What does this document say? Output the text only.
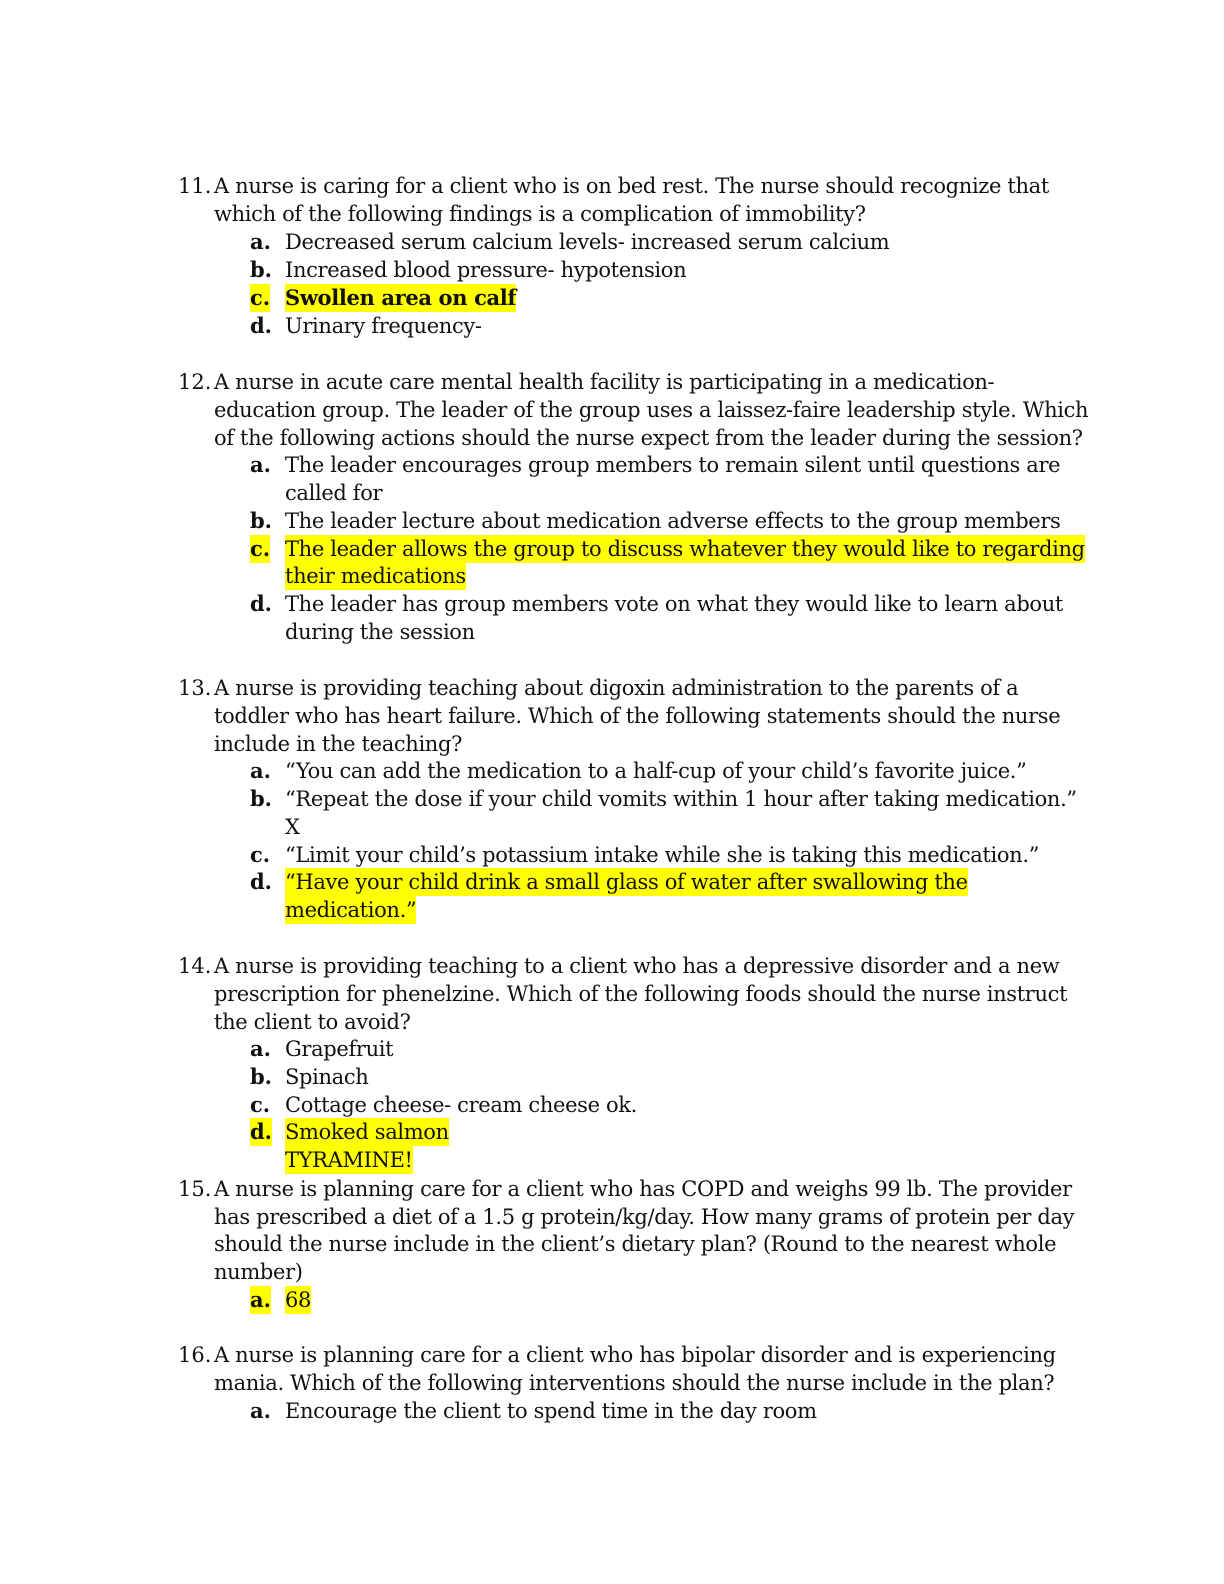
11. A nurse is caring for a client who is on bed rest. The nurse should recognize that
which of the following findings is a complication of immobility?
a. Decreased serum calcium levels- increased serum calcium
b. Increased blood pressure- hypotension
c. Swollen area on calf
d. Urinary frequency-
12. A nurse in acute care mental health facility is participating in a medication-
education group. The leader of the group uses a laissez-faire leadership style. Which
of the following actions should the nurse expect from the leader during the session?
a. The leader encourages group members to remain silent until questions are
called for
b. The leader lecture about medication adverse effects to the group members
c. The leader allows the group to discuss whatever they would like to regarding
their medications
d. The leader has group members vote on what they would like to learn about
during the session
13. A nurse is providing teaching about digoxin administration to the parents of a
toddler who has heart failure. Which of the following statements should the nurse
include in the teaching?
a. “You can add the medication to a half-cup of your child’s favorite juice.”
b. “Repeat the dose if your child vomits within 1 hour after taking medication.”
X
c. “Limit your child’s potassium intake while she is taking this medication.”
d. “Have your child drink a small glass of water after swallowing the
medication.”
14. A nurse is providing teaching to a client who has a depressive disorder and a new
prescription for phenelzine. Which of the following foods should the nurse instruct
the client to avoid?
a. Grapefruit
b. Spinach
c. Cottage cheese- cream cheese ok.
d. Smoked salmon
TYRAMINE!
15. A nurse is planning care for a client who has COPD and weighs 99 lb. The provider
has prescribed a diet of a 1.5 g protein/kg/day. How many grams of protein per day
should the nurse include in the client’s dietary plan? (Round to the nearest whole
number)
a. 68
16. A nurse is planning care for a client who has bipolar disorder and is experiencing
mania. Which of the following interventions should the nurse include in the plan?
a. Encourage the client to spend time in the day room
